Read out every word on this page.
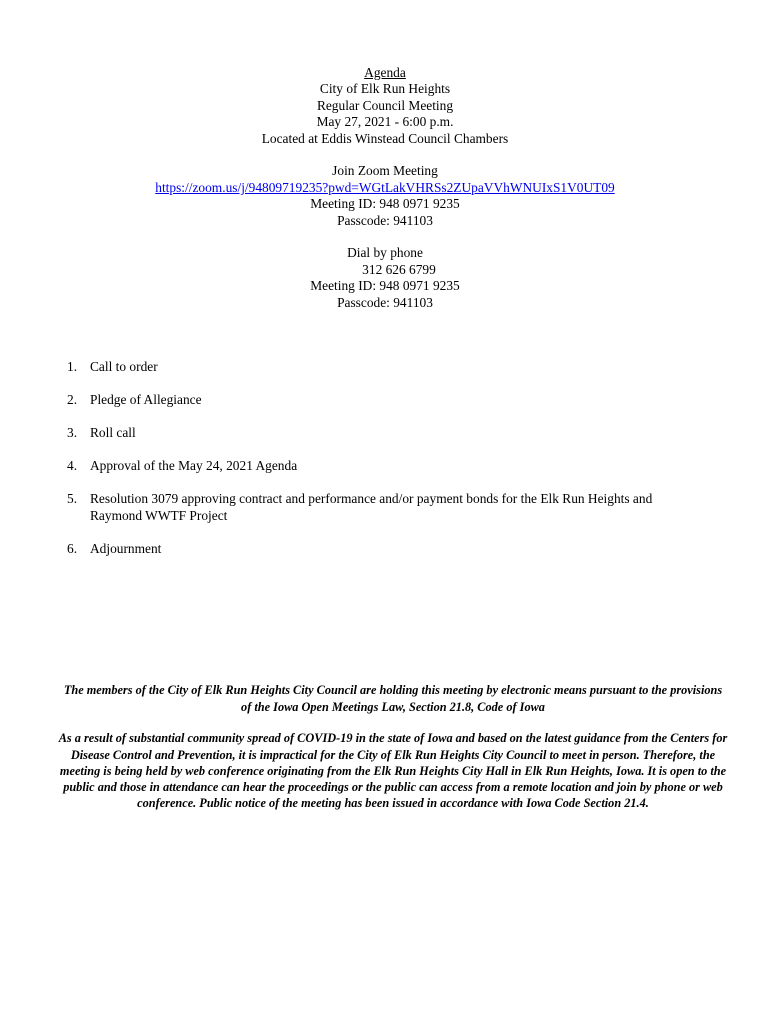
Agenda
City of Elk Run Heights
Regular Council Meeting
May 27, 2021 - 6:00 p.m.
Located at Eddis Winstead Council Chambers
Join Zoom Meeting
https://zoom.us/j/94809719235?pwd=WGtLakVHRSs2ZUpaVVhWNUIxS1V0UT09
Meeting ID: 948 0971 9235
Passcode: 941103
Dial by phone
312 626 6799
Meeting ID: 948 0971 9235
Passcode: 941103
1. Call to order
2. Pledge of Allegiance
3. Roll call
4. Approval of the May 24, 2021 Agenda
5. Resolution 3079 approving contract and performance and/or payment bonds for the Elk Run Heights and Raymond WWTF Project
6. Adjournment

The members of the City of Elk Run Heights City Council are holding this meeting by electronic means pursuant to the provisions of the Iowa Open Meetings Law, Section 21.8, Code of Iowa

As a result of substantial community spread of COVID-19 in the state of Iowa and based on the latest guidance from the Centers for Disease Control and Prevention, it is impractical for the City of Elk Run Heights City Council to meet in person. Therefore, the meeting is being held by web conference originating from the Elk Run Heights City Hall in Elk Run Heights, Iowa. It is open to the public and those in attendance can hear the proceedings or the public can access from a remote location and join by phone or web conference. Public notice of the meeting has been issued in accordance with Iowa Code Section 21.4.
